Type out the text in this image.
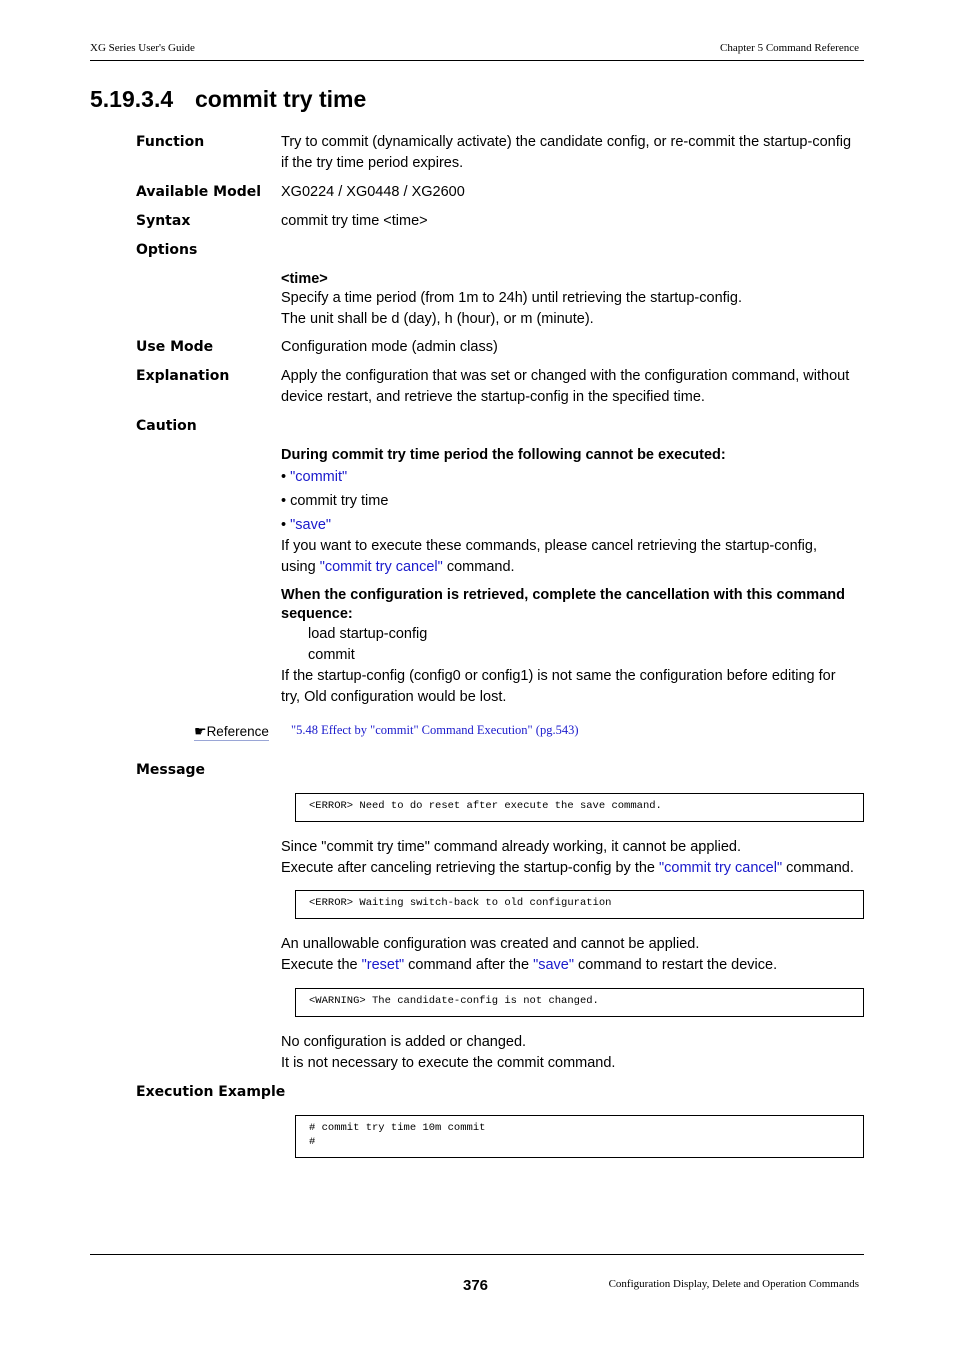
XG Series User's Guide	Chapter 5 Command Reference
5.19.3.4 commit try time
Function	Try to commit (dynamically activate) the candidate config, or re-commit the startup-config
if the try time period expires.
Available Model XG0224 / XG0448 / XG2600
Syntax	commit try time <time>
Options
<time>
Specify a time period (from 1m to 24h) until retrieving the startup-config.
The unit shall be d (day), h (hour), or m (minute).
Use Mode	Configuration mode (admin class)
Explanation	Apply the configuration that was set or changed with the configuration command, without
device restart, and retrieve the startup-config in the specified time.
Caution
During commit try time period the following cannot be executed:
• "commit"
• commit try time
• "save"
If you want to execute these commands, please cancel retrieving the startup-config,
using "commit try cancel" command.
When the configuration is retrieved, complete the cancellation with this command
sequence:
load startup-config
commit
If the startup-config (config0 or config1) is not same the configuration before editing for
try, Old configuration would be lost.
☛Reference "5.48 Effect by "commit" Command Execution" (pg.543)
Message
<ERROR> Need to do reset after execute the save command.
Since "commit try time" command already working, it cannot be applied.
Execute after canceling retrieving the startup-config by the "commit try cancel" command.
<ERROR> Waiting switch-back to old configuration
An unallowable configuration was created and cannot be applied.
Execute the "reset" command after the "save" command to restart the device.
<WARNING> The candidate-config is not changed.
No configuration is added or changed.
It is not necessary to execute the commit command.
Execution Example
# commit try time 10m commit
#
376	Configuration Display, Delete and Operation Commands
